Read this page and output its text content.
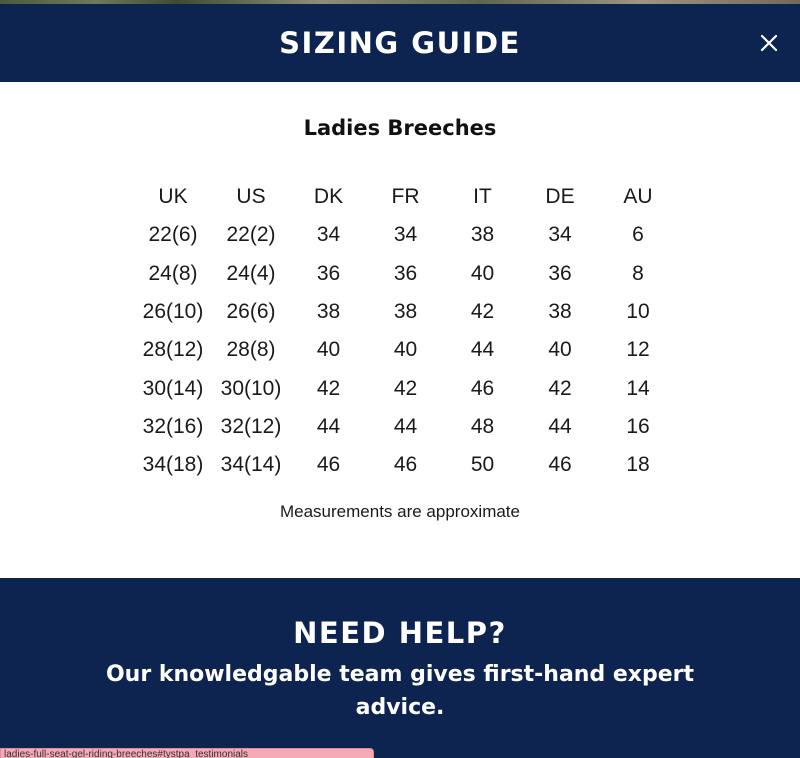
SIZING GUIDE
Ladies Breeches
UK	US	DK	FR	IT	DE	AU
22(6)	22(2)	34	34	38	34	6
24(8)	24(4)	36	36	40	36	8
26(10)	26(6)	38	38	42	38	10
28(12)	28(8)	40	40	44	40	12
30(14)	30(10)	42	42	46	42	14
32(16)	32(12)	44	44	48	44	16
34(18)	34(14)	46	46	50	46	18

Measurements are approximate

NEED HELP?

Our knowledgable team gives first-hand expert advice.

ladies-full-seat-gel-riding-breeches#tystpa_testimonials
